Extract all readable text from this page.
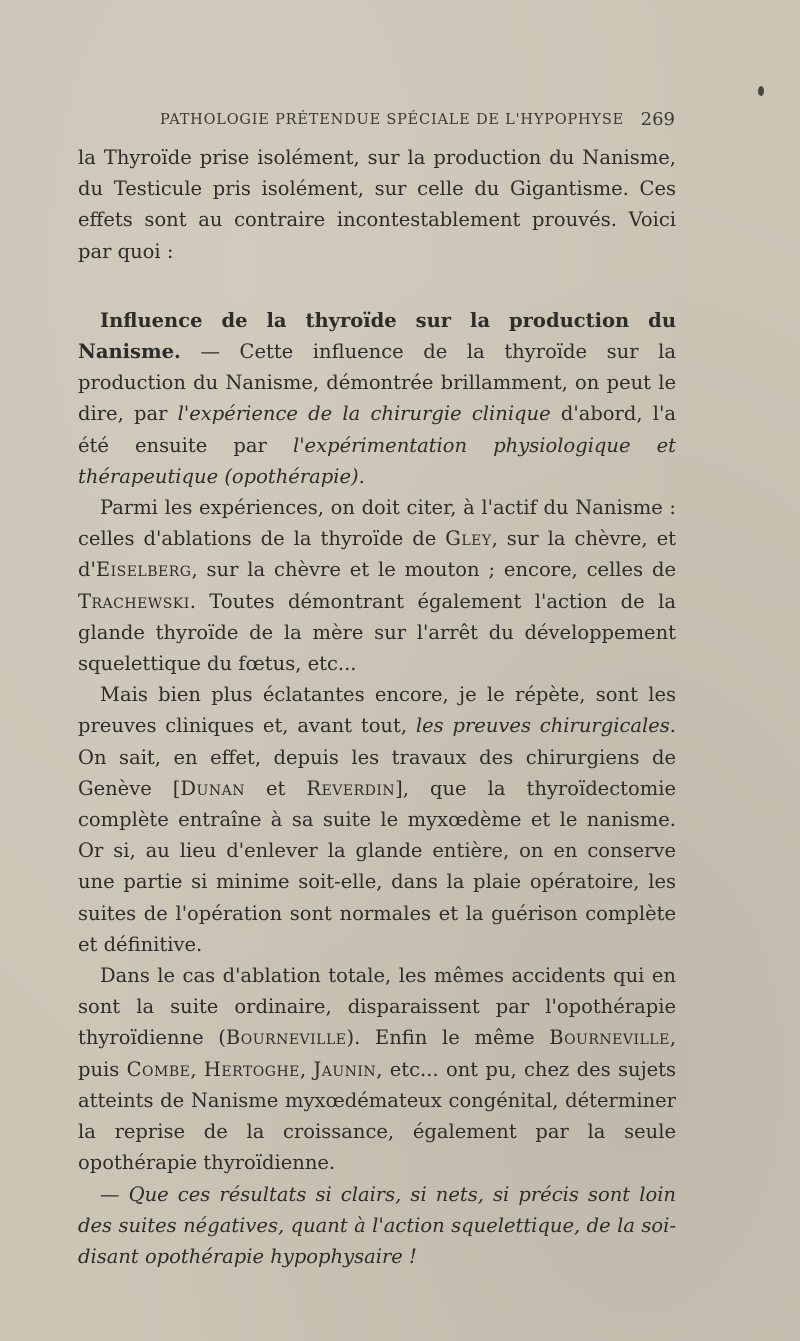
PATHOLOGIE PRÉTENDUE SPÉCIALE DE L'HYPOPHYSE 269

la Thyroïde prise isolément, sur la production du Nanisme, du Testicule pris isolément, sur celle du Gigantisme. Ces effets sont au contraire incontestablement prouvés. Voici par quoi :

Influence de la thyroïde sur la production du Nanisme. — Cette influence de la thyroïde sur la production du Nanisme, démontrée brillamment, on peut le dire, par l'expérience de la chirurgie clinique d'abord, l'a été ensuite par l'expérimentation physiologique et thérapeutique (opothérapie).

Parmi les expériences, on doit citer, à l'actif du Nanisme : celles d'ablations de la thyroïde de Gley, sur la chèvre, et d'Eiselberg, sur la chèvre et le mouton ; encore, celles de Trachewski. Toutes démontrant également l'action de la glande thyroïde de la mère sur l'arrêt du développement squelettique du fœtus, etc...

Mais bien plus éclatantes encore, je le répète, sont les preuves cliniques et, avant tout, les preuves chirurgicales. On sait, en effet, depuis les travaux des chirurgiens de Genève [Dunan et Reverdin], que la thyroïdectomie complète entraîne à sa suite le myxœdème et le nanisme. Or si, au lieu d'enlever la glande entière, on en conserve une partie si minime soit-elle, dans la plaie opératoire, les suites de l'opération sont normales et la guérison complète et définitive.

Dans le cas d'ablation totale, les mêmes accidents qui en sont la suite ordinaire, disparaissent par l'opothérapie thyroïdienne (Bourneville). Enfin le même Bourneville, puis Combe, Hertoghe, Jaunin, etc... ont pu, chez des sujets atteints de Nanisme myxœdémateux congénital, déterminer la reprise de la croissance, également par la seule opothérapie thyroïdienne.

— Que ces résultats si clairs, si nets, si précis sont loin des suites négatives, quant à l'action squelettique, de la soi-disant opothérapie hypophysaire !
